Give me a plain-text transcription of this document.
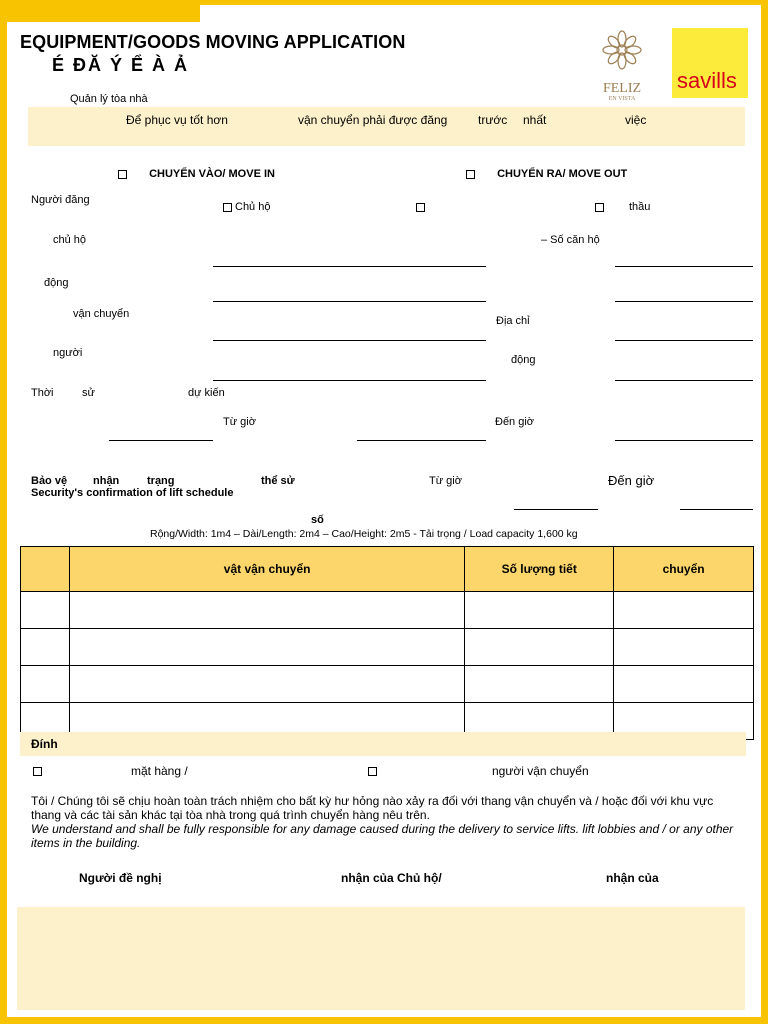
EQUIPMENT/GOODS MOVING APPLICATION
É ĐĂ Ý Ể À Ả
FELIZ
EN VISTA
savills
Quản lý tòa nhà
Để phục vụ tốt hơn	vận chuyển phải được đăng	trước nhất	việc
CHUYỂN VÀO/ MOVE IN	CHUYỂN RA/ MOVE OUT
Người đăng
Chủ hộ	thầu
chủ hộ	– Số căn hộ
động
vận chuyển
Địa chỉ
người
động
Thời	sử	dự kiến
Từ giờ	Đến giờ
Bảo vệ nhận	trạng	thể sử
Security's confirmation of lift schedule
Từ giờ	Đến giờ
số
Rộng/Width: 1m4 – Dài/Length: 2m4 – Cao/Height: 2m5 - Tải trọng / Load capacity 1,600 kg
	vật vận chuyển	Số lượng tiết	chuyển

Đính
mặt hàng /	người vận chuyển
Tôi / Chúng tôi sẽ chịu hoàn toàn trách nhiệm cho bất kỳ hư hỏng nào xảy ra đối với thang vận chuyển và / hoặc đối với khu vực thang và các tài sản khác tại tòa nhà trong quá trình chuyển hàng nêu trên.
We understand and shall be fully responsible for any damage caused during the delivery to service lifts. lift lobbies and / or any other items in the building.
Người đề nghị	nhận của Chủ hộ/	nhận của
